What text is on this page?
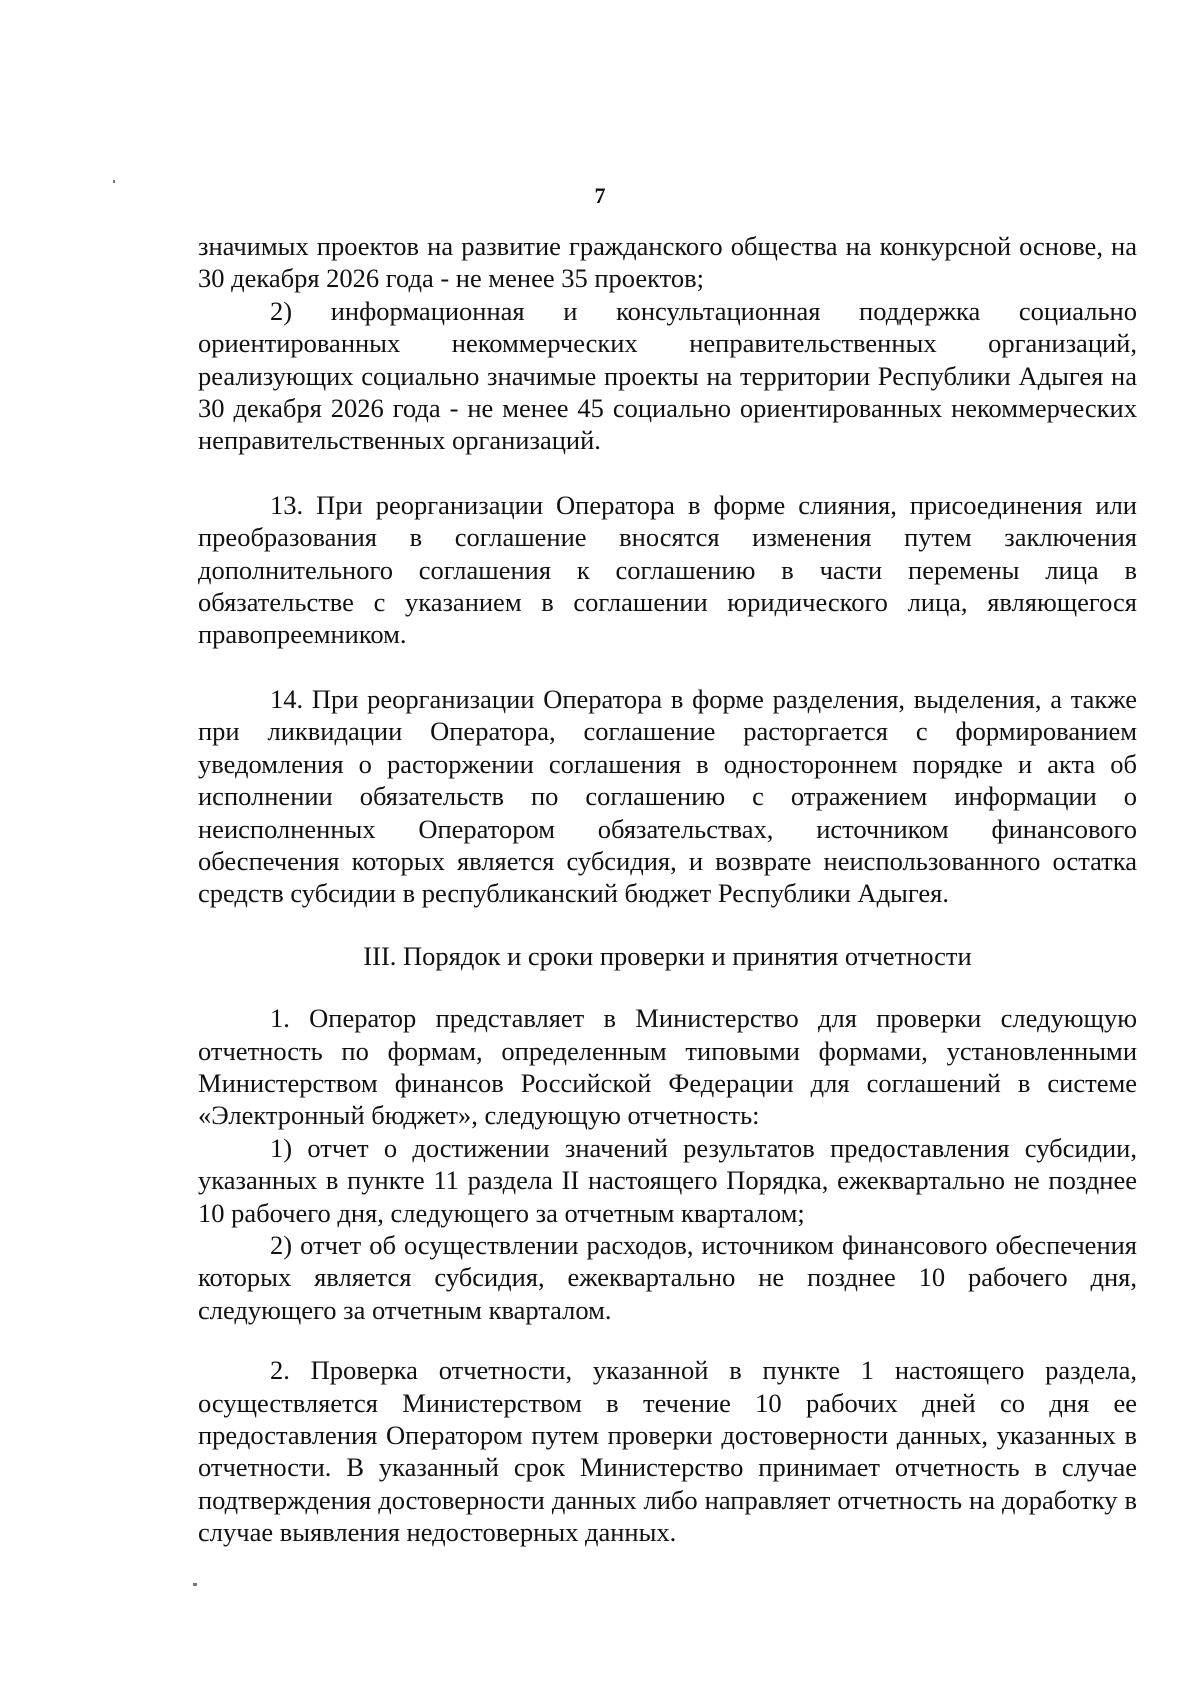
7

значимых проектов на развитие гражданского общества на конкурсной основе, на 30 декабря 2026 года - не менее 35 проектов;

2) информационная и консультационная поддержка социально ориентированных некоммерческих неправительственных организаций, реализующих социально значимые проекты на территории Республики Адыгея на 30 декабря 2026 года - не менее 45 социально ориентированных некоммерческих неправительственных организаций.

13. При реорганизации Оператора в форме слияния, присоединения или преобразования в соглашение вносятся изменения путем заключения дополнительного соглашения к соглашению в части перемены лица в обязательстве с указанием в соглашении юридического лица, являющегося правопреемником.

14. При реорганизации Оператора в форме разделения, выделения, а также при ликвидации Оператора, соглашение расторгается с формированием уведомления о расторжении соглашения в одностороннем порядке и акта об исполнении обязательств по соглашению с отражением информации о неисполненных Оператором обязательствах, источником финансового обеспечения которых является субсидия, и возврате неиспользованного остатка средств субсидии в республиканский бюджет Республики Адыгея.

III. Порядок и сроки проверки и принятия отчетности

1. Оператор представляет в Министерство для проверки следующую отчетность по формам, определенным типовыми формами, установленными Министерством финансов Российской Федерации для соглашений в системе «Электронный бюджет», следующую отчетность:

1) отчет о достижении значений результатов предоставления субсидии, указанных в пункте 11 раздела II настоящего Порядка, ежеквартально не позднее 10 рабочего дня, следующего за отчетным кварталом;

2) отчет об осуществлении расходов, источником финансового обеспечения которых является субсидия, ежеквартально не позднее 10 рабочего дня, следующего за отчетным кварталом.

2. Проверка отчетности, указанной в пункте 1 настоящего раздела, осуществляется Министерством в течение 10 рабочих дней со дня ее предоставления Оператором путем проверки достоверности данных, указанных в отчетности. В указанный срок Министерство принимает отчетность в случае подтверждения достоверности данных либо направляет отчетность на доработку в случае выявления недостоверных данных.
